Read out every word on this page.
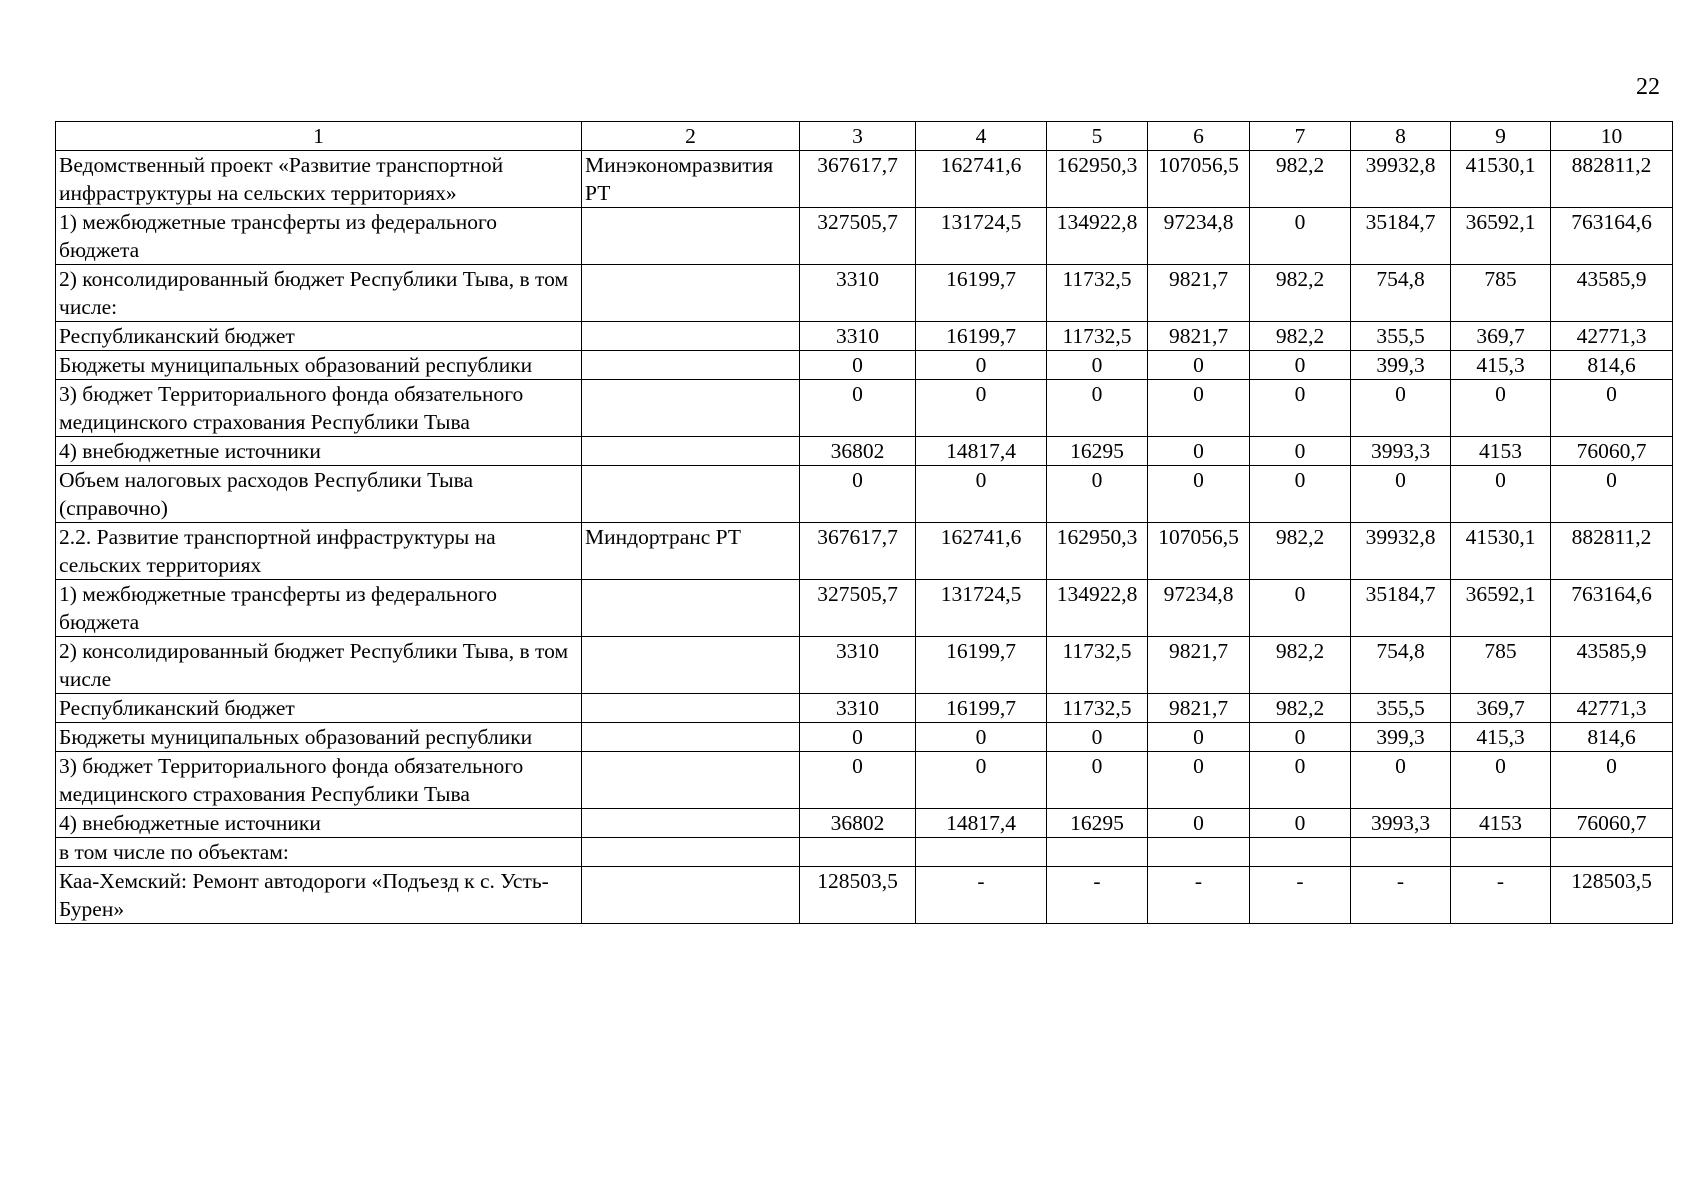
22
1	2	3	4	5	6	7	8	9	10
Ведомственный проект «Развитие транспортной инфраструктуры на сельских территориях»	Минэкономразвития РТ	367617,7	162741,6	162950,3	107056,5	982,2	39932,8	41530,1	882811,2
1) межбюджетные трансферты из федерального бюджета		327505,7	131724,5	134922,8	97234,8	0	35184,7	36592,1	763164,6
2) консолидированный бюджет Республики Тыва, в том числе:		3310	16199,7	11732,5	9821,7	982,2	754,8	785	43585,9
Республиканский бюджет		3310	16199,7	11732,5	9821,7	982,2	355,5	369,7	42771,3
Бюджеты муниципальных образований республики		0	0	0	0	0	399,3	415,3	814,6
3) бюджет Территориального фонда обязательного медицинского страхования Республики Тыва		0	0	0	0	0	0	0	0
4) внебюджетные источники		36802	14817,4	16295	0	0	3993,3	4153	76060,7
Объем налоговых расходов Республики Тыва (справочно)		0	0	0	0	0	0	0	0
2.2. Развитие транспортной инфраструктуры на сельских территориях	Миндортранс РТ	367617,7	162741,6	162950,3	107056,5	982,2	39932,8	41530,1	882811,2
1) межбюджетные трансферты из федерального бюджета		327505,7	131724,5	134922,8	97234,8	0	35184,7	36592,1	763164,6
2) консолидированный бюджет Республики Тыва, в том числе		3310	16199,7	11732,5	9821,7	982,2	754,8	785	43585,9
Республиканский бюджет		3310	16199,7	11732,5	9821,7	982,2	355,5	369,7	42771,3
Бюджеты муниципальных образований республики		0	0	0	0	0	399,3	415,3	814,6
3) бюджет Территориального фонда обязательного медицинского страхования Республики Тыва		0	0	0	0	0	0	0	0
4) внебюджетные источники		36802	14817,4	16295	0	0	3993,3	4153	76060,7
в том числе по объектам:									
Каа-Хемский: Ремонт автодороги «Подъезд к с. Усть-Бурен»		128503,5	-	-	-	-	-	-	128503,5
